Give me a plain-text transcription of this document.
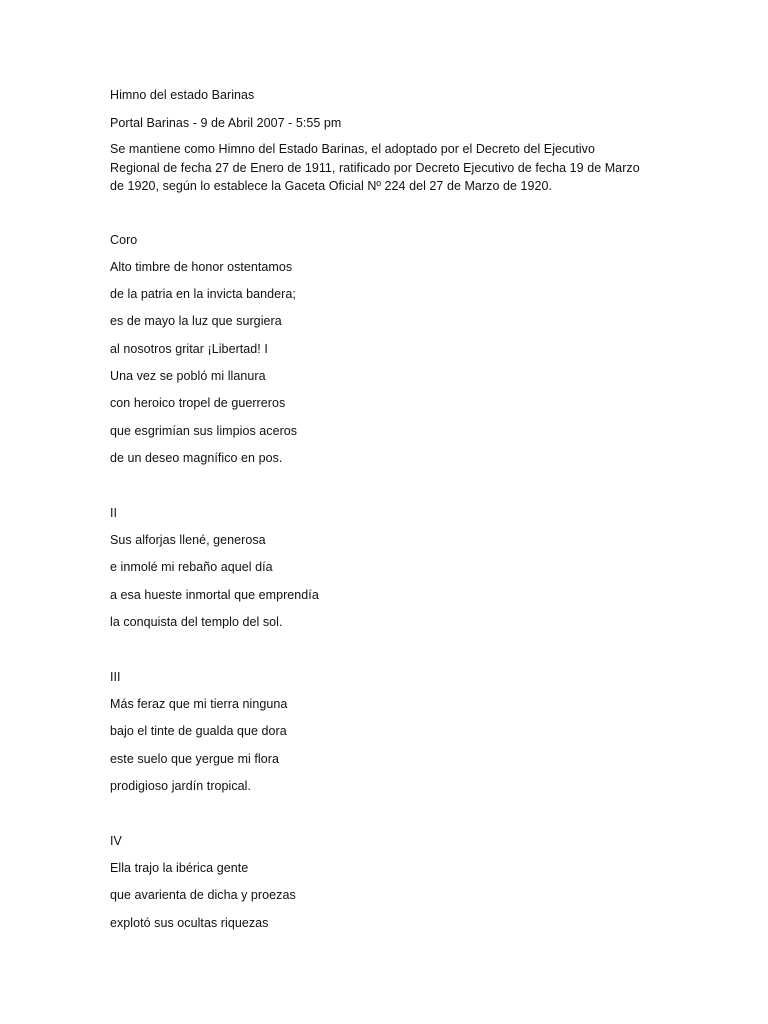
Himno del estado Barinas
Portal Barinas - 9 de Abril 2007 - 5:55 pm
Se mantiene como Himno del Estado Barinas, el adoptado por el Decreto del Ejecutivo
Regional de fecha 27 de Enero de 1911, ratificado por Decreto Ejecutivo de fecha 19 de Marzo
de 1920, según lo establece la Gaceta Oficial Nº 224 del 27 de Marzo de 1920.
Coro
Alto timbre de honor ostentamos
de la patria en la invicta bandera;
es de mayo la luz que surgiera
al nosotros gritar ¡Libertad! I
Una vez se pobló mi llanura
con heroico tropel de guerreros
que esgrimían sus limpios aceros
de un deseo magnífico en pos.
II
Sus alforjas llené, generosa
e inmolé mi rebaño aquel día
a esa hueste inmortal que emprendía
la conquista del templo del sol.
III
Más feraz que mi tierra ninguna
bajo el tinte de gualda que dora
este suelo que yergue mi flora
prodigioso jardín tropical.
IV
Ella trajo la ibérica gente
que avarienta de dicha y proezas
explotó sus ocultas riquezas
